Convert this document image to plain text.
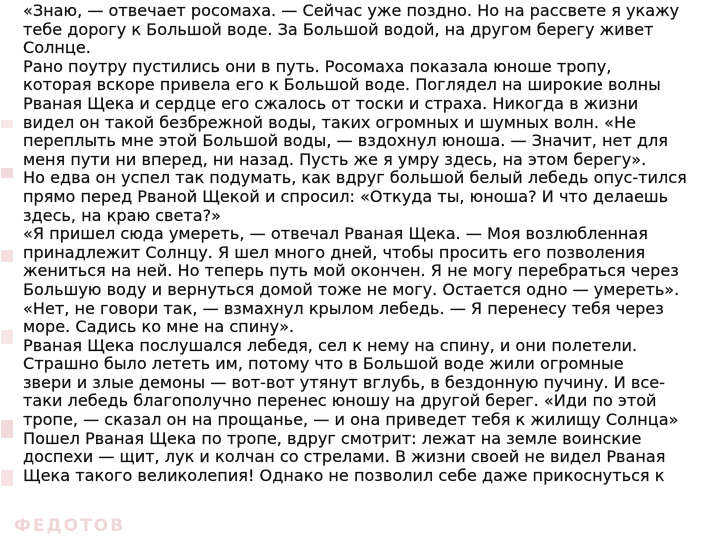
ФЕДОТОВ
«Знаю, — отвечает росомаха. — Сейчас уже поздно. Но на рассвете я укажу
тебе дорогу к Большой воде. За Большой водой, на другом берегу живет
Солнце.
Рано поутру пустились они в путь. Росомаха показала юноше тропу,
которая вскоре привела его к Большой воде. Поглядел на широкие волны
Рваная Щека и сердце его сжалось от тоски и страха. Никогда в жизни
видел он такой безбрежной воды, таких огромных и шумных волн. «Не
переплыть мне этой Большой воды, — вздохнул юноша. — Значит, нет для
меня пути ни вперед, ни назад. Пусть же я умру здесь, на этом берегу».
Но едва он успел так подумать, как вдруг большой белый лебедь опус-тился
прямо перед Рваной Щекой и спросил: «Откуда ты, юноша? И что делаешь
здесь, на краю света?»
«Я пришел сюда умереть, — отвечал Рваная Щека. — Моя возлюбленная
принадлежит Солнцу. Я шел много дней, чтобы просить его позволения
жениться на ней. Но теперь путь мой окончен. Я не могу перебраться через
Большую воду и вернуться домой тоже не могу. Остается одно — умереть».
«Нет, не говори так, — взмахнул крылом лебедь. — Я перенесу тебя через
море. Садись ко мне на спину».
Рваная Щека послушался лебедя, сел к нему на спину, и они полетели.
Страшно было лететь им, потому что в Большой воде жили огромные
звери и злые демоны — вот-вот утянут вглубь, в бездонную пучину. И все-
таки лебедь благополучно перенес юношу на другой берег. «Иди по этой
тропе, — сказал он на прощанье, — и она приведет тебя к жилищу Солнца»
Пошел Рваная Щека по тропе, вдруг смотрит: лежат на земле воинские
доспехи — щит, лук и колчан со стрелами. В жизни своей не видел Рваная
Щека такого великолепия! Однако не позволил себе даже прикоснуться к
